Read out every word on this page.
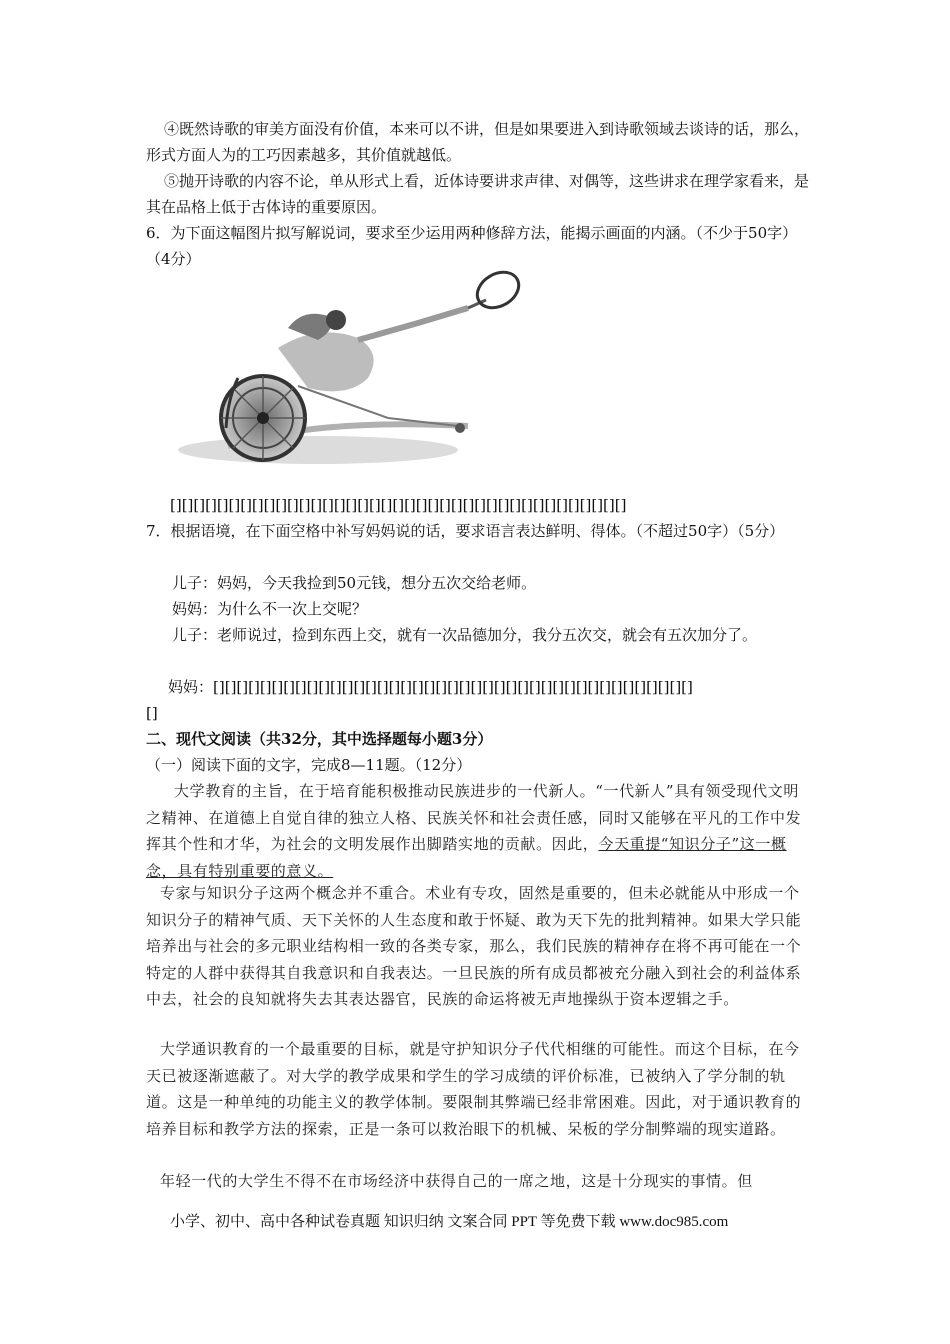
④既然诗歌的审美方面没有价值，本来可以不讲，但是如果要进入到诗歌领域去谈诗的话，那么，形式方面人为的工巧因素越多，其价值就越低。

⑤抛开诗歌的内容不论，单从形式上看，近体诗要讲求声律、对偶等，这些讲求在理学家看来，是其在品格上低于古体诗的重要原因。

6．为下面这幅图片拟写解说词，要求至少运用两种修辞方法，能揭示画面的内涵。（不少于50字）（4分）

[][][][][][][][][][][][][][][][][][][][][][][][][][][][][][][][][][][][][][][]

7．根据语境，在下面空格中补写妈妈说的话，要求语言表达鲜明、得体。（不超过50字）（5分）

儿子：妈妈，今天我捡到50元钱，想分五次交给老师。

妈妈：为什么不一次上交呢？

儿子：老师说过，捡到东西上交，就有一次品德加分，我分五次交，就会有五次加分了。

妈妈：[][][][][][][][][][][][][][][][][][][][][][][][][][][][][][][][][][][][][][][][][]

[]

二、现代文阅读（共32分，其中选择题每小题3分）

（一）阅读下面的文字，完成8—11题。（12分）

大学教育的主旨，在于培育能积极推动民族进步的一代新人。“一代新人”具有领受现代文明之精神、在道德上自觉自律的独立人格、民族关怀和社会责任感，同时又能够在平凡的工作中发挥其个性和才华，为社会的文明发展作出脚踏实地的贡献。因此，今天重提“知识分子”这一概念，具有特别重要的意义。

专家与知识分子这两个概念并不重合。术业有专攻，固然是重要的，但未必就能从中形成一个知识分子的精神气质、天下关怀的人生态度和敢于怀疑、敢为天下先的批判精神。如果大学只能培养出与社会的多元职业结构相一致的各类专家，那么，我们民族的精神存在将不再可能在一个特定的人群中获得其自我意识和自我表达。一旦民族的所有成员都被充分融入到社会的利益体系中去，社会的良知就将失去其表达器官，民族的命运将被无声地操纵于资本逻辑之手。

大学通识教育的一个最重要的目标，就是守护知识分子代代相继的可能性。而这个目标，在今天已被逐渐遮蔽了。对大学的教学成果和学生的学习成绩的评价标准，已被纳入了学分制的轨道。这是一种单纯的功能主义的教学体制。要限制其弊端已经非常困难。因此，对于通识教育的培养目标和教学方法的探索，正是一条可以救治眼下的机械、呆板的学分制弊端的现实道路。

年轻一代的大学生不得不在市场经济中获得自己的一席之地，这是十分现实的事情。但

小学、初中、高中各种试卷真题 知识归纳 文案合同 PPT 等免费下载 www.doc985.com
